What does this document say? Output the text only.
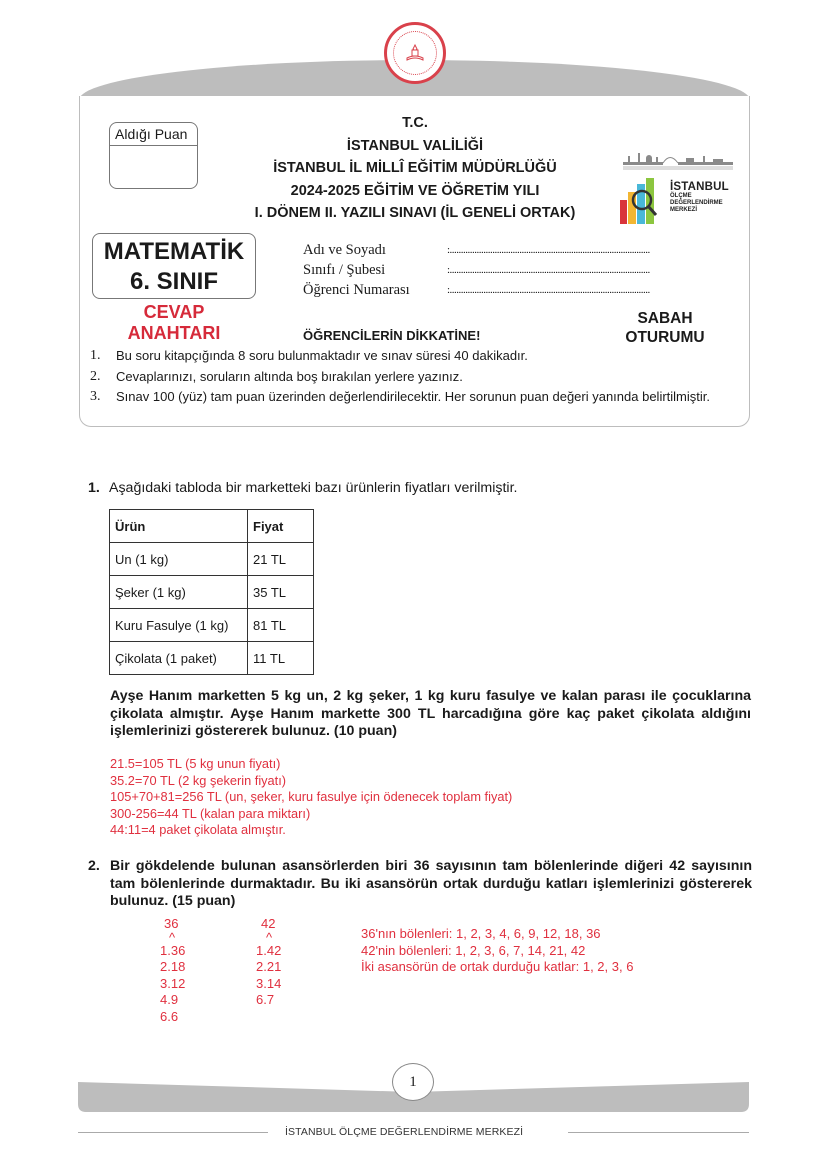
Aldığı Puan
T.C.
İSTANBUL VALİLİĞİ
İSTANBUL İL MİLLÎ EĞİTİM MÜDÜRLÜĞÜ
2024-2025 EĞİTİM VE ÖĞRETİM YILI
I. DÖNEM II. YAZILI SINAVI (İL GENELİ ORTAK)
İSTANBUL
ÖLÇME
DEĞERLENDİRME
MERKEZİ
MATEMATİK
6. SINIF
CEVAP
ANAHTARI
Adı ve Soyadı	:.........................................................................................
Sınıfı / Şubesi	:.........................................................................................
Öğrenci Numarası	:.........................................................................................
ÖĞRENCİLERİN DİKKATİNE!
SABAH
OTURUMU
1.	Bu soru kitapçığında 8 soru bulunmaktadır ve sınav süresi 40 dakikadır.
2.	Cevaplarınızı, soruların altında boş bırakılan yerlere yazınız.
3.	Sınav 100 (yüz) tam puan üzerinden değerlendirilecektir. Her sorunun puan değeri yanında belirtilmiştir.
1. Aşağıdaki tabloda bir marketteki bazı ürünlerin fiyatları verilmiştir.
Ürün	Fiyat
Un (1 kg)	21 TL
Şeker (1 kg)	35 TL
Kuru Fasulye (1 kg)	81 TL
Çikolata (1 paket)	11 TL
Ayşe Hanım marketten 5 kg un, 2 kg şeker, 1 kg kuru fasulye ve kalan parası ile çocuklarına çikolata almıştır. Ayşe Hanım markette 300 TL harcadığına göre kaç paket çikolata aldığını işlemlerinizi göstererek bulunuz. (10 puan)
21.5=105 TL (5 kg unun fiyatı)
35.2=70 TL (2 kg şekerin fiyatı)
105+70+81=256 TL (un, şeker, kuru fasulye için ödenecek toplam fiyat)
300-256=44 TL (kalan para miktarı)
44:11=4 paket çikolata almıştır.
2. Bir gökdelende bulunan asansörlerden biri 36 sayısının tam bölenlerinde diğeri 42 sayısının tam bölenlerinde durmaktadır. Bu iki asansörün ortak durduğu katları işlemlerinizi göstererek bulunuz. (15 puan)
36
^
1.36
2.18
3.12
4.9
6.6
42
^
1.42
2.21
3.14
6.7
36'nın bölenleri: 1, 2, 3, 4, 6, 9, 12, 18, 36
42'nin bölenleri: 1, 2, 3, 6, 7, 14, 21, 42
İki asansörün de ortak durduğu katlar: 1, 2, 3, 6
1
İSTANBUL ÖLÇME DEĞERLENDİRME MERKEZİ
